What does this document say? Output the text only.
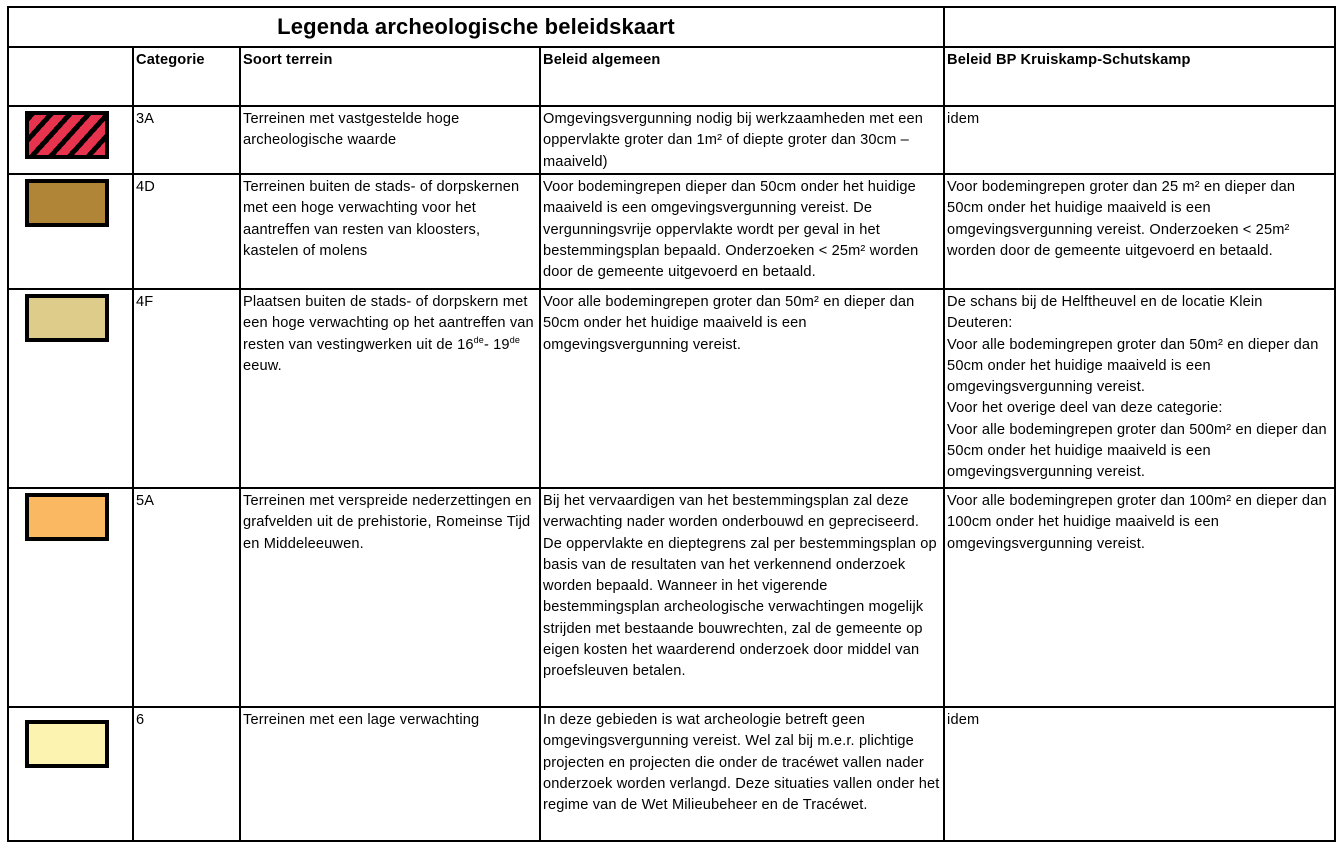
Legenda archeologische beleidskaart				
	Categorie	Soort terrein	Beleid algemeen	Beleid BP Kruiskamp-Schutskamp

	3A	Terreinen met vastgestelde hoge archeologische waarde	Omgevingsvergunning nodig bij werkzaamheden met een oppervlakte groter dan 1m² of diepte groter dan 30cm – maaiveld)	idem

	4D	Terreinen buiten de stads- of dorpskernen met een hoge verwachting voor het aantreffen van resten van kloosters, kastelen of molens	Voor bodemingrepen dieper dan 50cm onder het huidige maaiveld is een omgevingsvergunning vereist. De vergunningsvrije oppervlakte wordt per geval in het bestemmingsplan bepaald. Onderzoeken < 25m² worden door de gemeente uitgevoerd en betaald.	Voor bodemingrepen groter dan 25 m² en dieper dan 50cm onder het huidige maaiveld is een omgevingsvergunning vereist. Onderzoeken < 25m² worden door de gemeente uitgevoerd en betaald.

	4F	Plaatsen buiten de stads- of dorpskern met een hoge verwachting op het aantreffen van resten van vestingwerken uit de 16de- 19de eeuw.	Voor alle bodemingrepen groter dan 50m² en dieper dan 50cm onder het huidige maaiveld is een omgevingsvergunning vereist.	De schans bij de Helftheuvel en de locatie Klein Deuteren:
Voor alle bodemingrepen groter dan 50m² en dieper dan 50cm onder het huidige maaiveld is een omgevingsvergunning vereist.
Voor het overige deel van deze categorie:
Voor alle bodemingrepen groter dan 500m² en dieper dan 50cm onder het huidige maaiveld is een omgevingsvergunning vereist.

	5A	Terreinen met verspreide nederzettingen en grafvelden uit de prehistorie, Romeinse Tijd en Middeleeuwen.	Bij het vervaardigen van het bestemmingsplan zal deze verwachting nader worden onderbouwd en gepreciseerd. De oppervlakte en dieptegrens zal per bestemmingsplan op basis van de resultaten van het verkennend onderzoek worden bepaald. Wanneer in het vigerende bestemmingsplan archeologische verwachtingen mogelijk strijden met bestaande bouwrechten, zal de gemeente op eigen kosten het waarderend onderzoek door middel van proefsleuven betalen.	Voor alle bodemingrepen groter dan 100m² en dieper dan 100cm onder het huidige maaiveld is een omgevingsvergunning vereist.

	6	Terreinen met een lage verwachting	In deze gebieden is wat archeologie betreft geen omgevingsvergunning vereist. Wel zal bij m.e.r. plichtige projecten en projecten die onder de tracéwet vallen nader onderzoek worden verlangd. Deze situaties vallen onder het regime van de Wet Milieubeheer en de Tracéwet.	idem
